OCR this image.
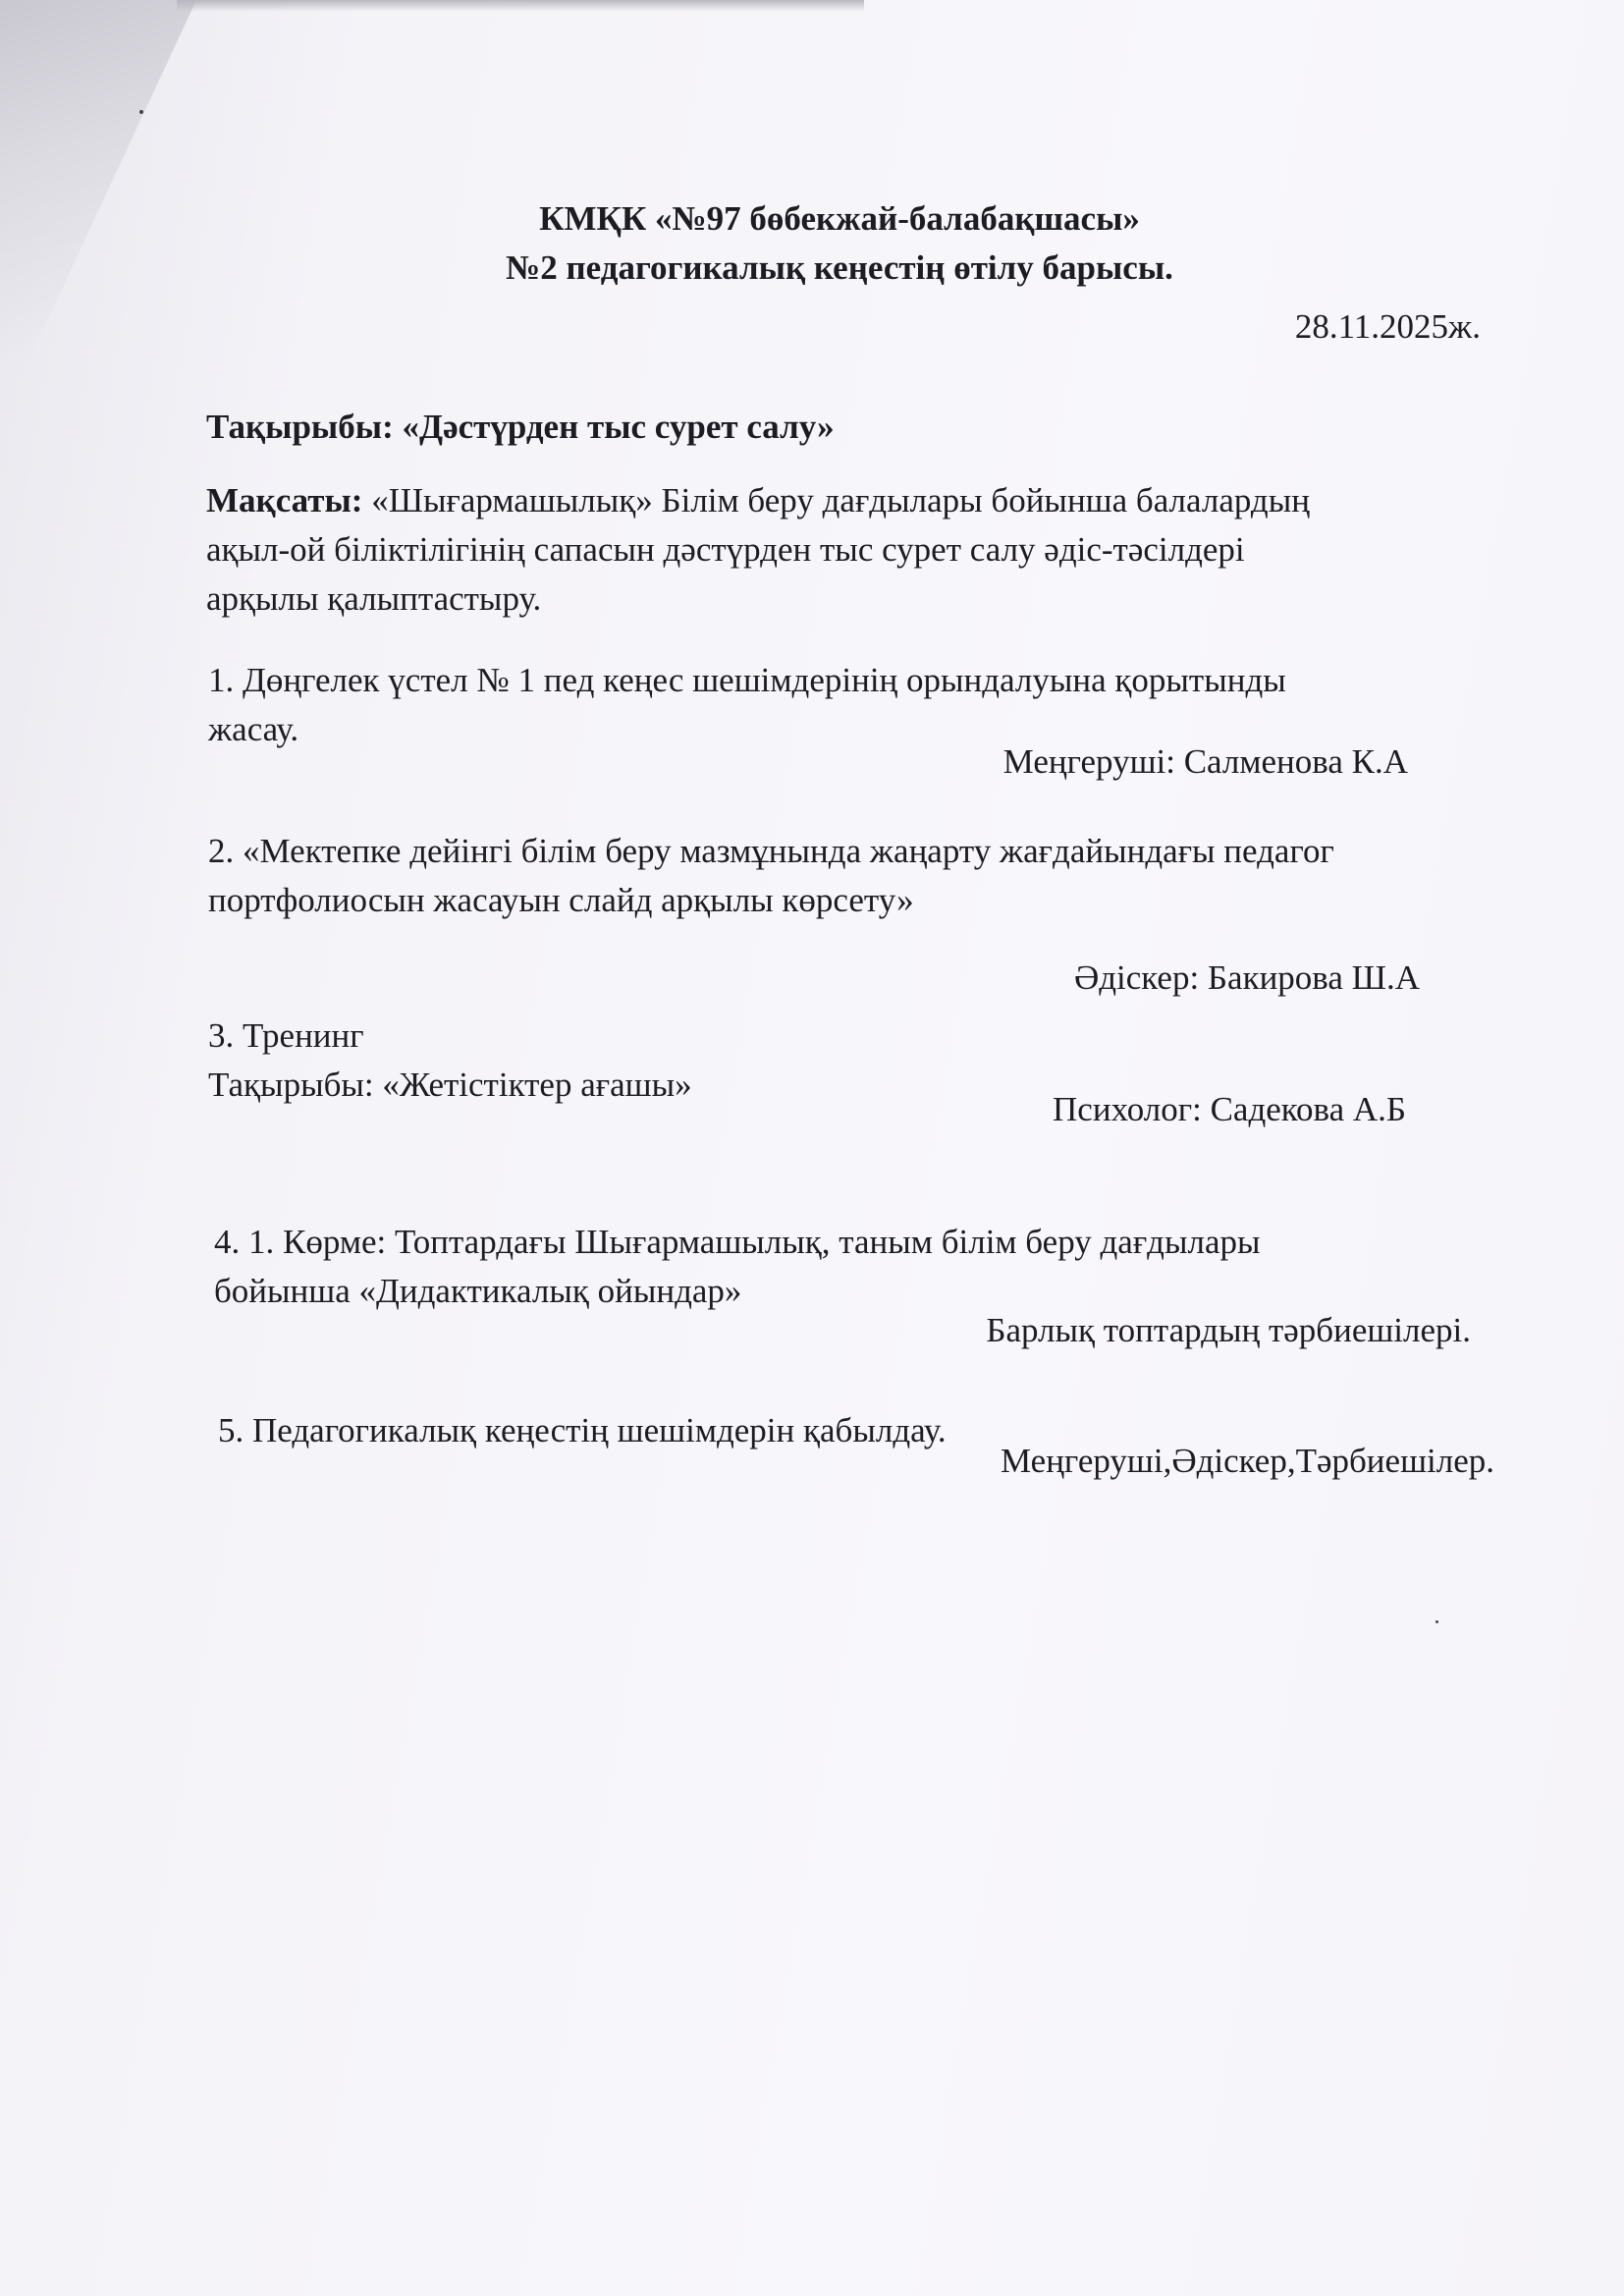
КМҚК «№97 бөбекжай-балабақшасы»
№2 педагогикалық кеңестің өтілу барысы.
28.11.2025ж.
Тақырыбы: «Дәстүрден тыс сурет салу»
Мақсаты: «Шығармашылық» Білім беру дағдылары бойынша балалардың
ақыл-ой біліктілігінің сапасын дәстүрден тыс сурет салу әдіс-тәсілдері
арқылы қалыптастыру.
1. Дөңгелек үстел № 1 пед кеңес шешімдерінің орындалуына қорытынды
жасау.
Меңгеруші: Салменова К.А
2. «Мектепке дейінгі білім беру мазмұнында жаңарту жағдайындағы педагог
портфолиосын жасауын слайд арқылы көрсету»
Әдіскер: Бакирова Ш.А
3. Тренинг
Тақырыбы: «Жетістіктер ағашы»
Психолог: Садекова А.Б
4. 1. Көрме: Топтардағы Шығармашылық, таным білім беру дағдылары
бойынша «Дидактикалық ойындар»
Барлық топтардың тәрбиешілері.
5. Педагогикалық кеңестің шешімдерін қабылдау.
Меңгеруші,Әдіскер,Тәрбиешілер.
